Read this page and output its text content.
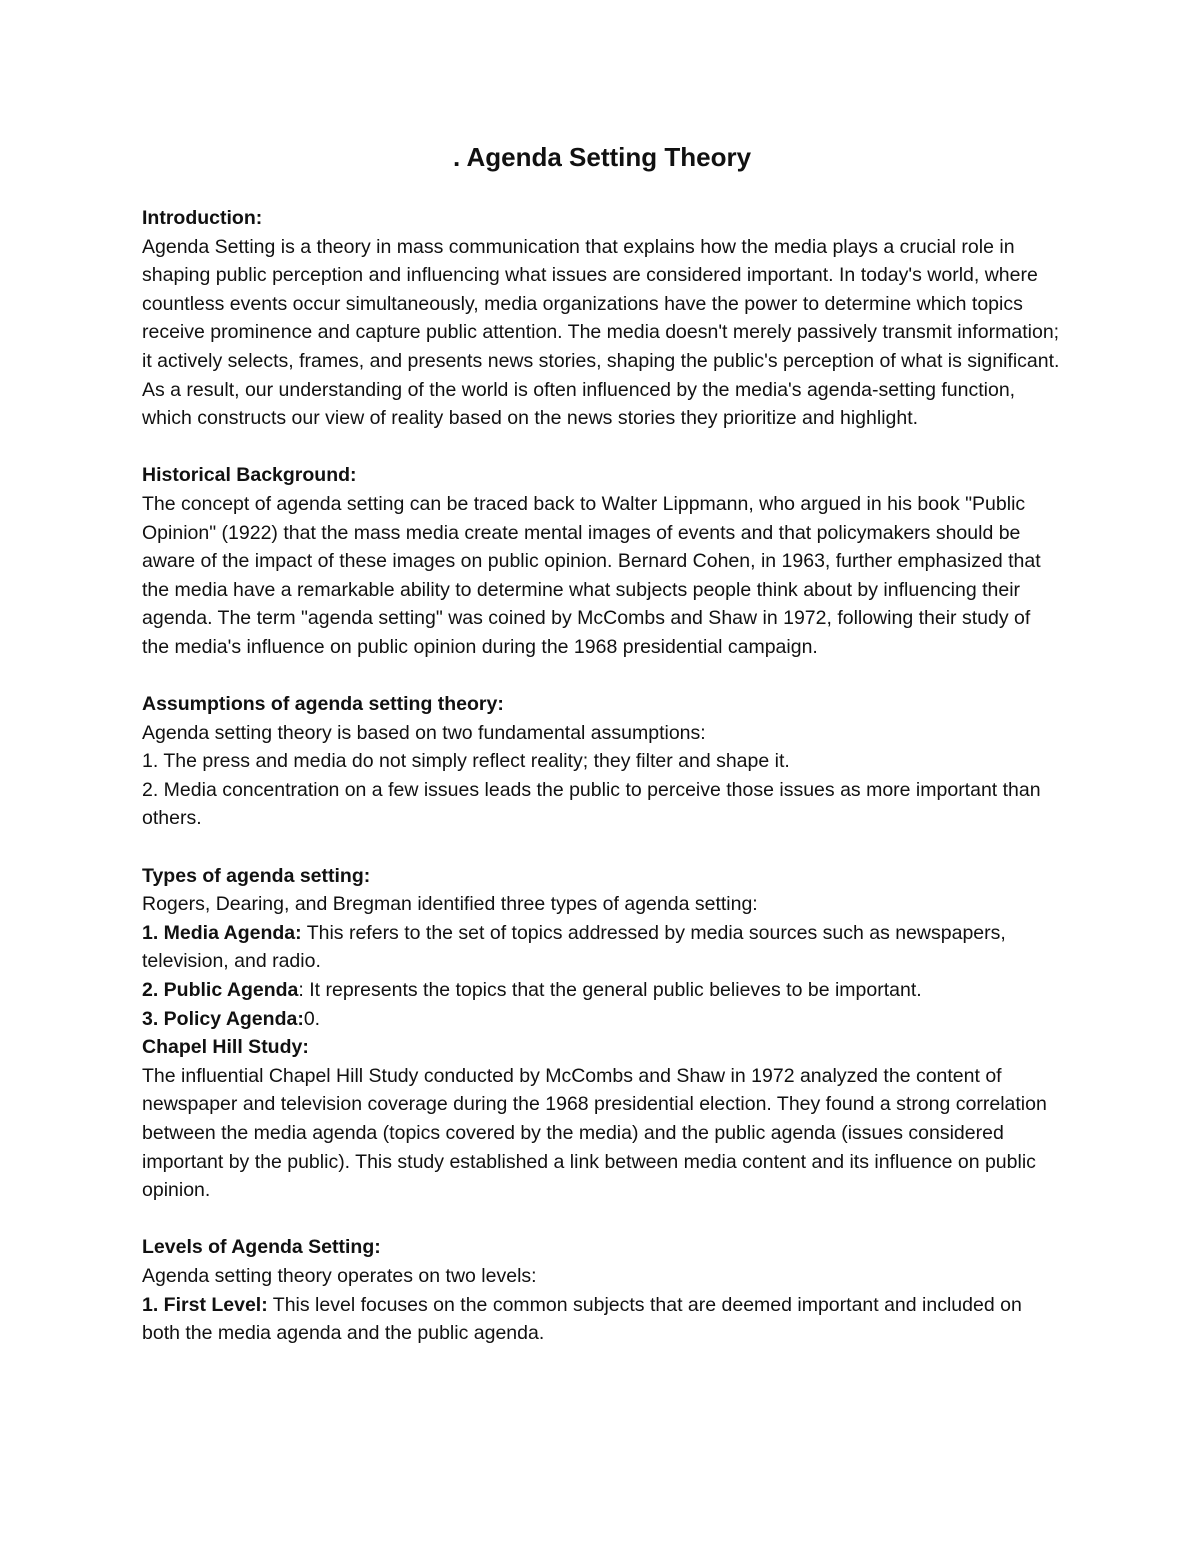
. Agenda Setting Theory

Introduction:

Agenda Setting is a theory in mass communication that explains how the media plays a crucial role in shaping public perception and influencing what issues are considered important. In today's world, where countless events occur simultaneously, media organizations have the power to determine which topics receive prominence and capture public attention. The media doesn't merely passively transmit information; it actively selects, frames, and presents news stories, shaping the public's perception of what is significant. As a result, our understanding of the world is often influenced by the media's agenda-setting function, which constructs our view of reality based on the news stories they prioritize and highlight.

Historical Background:

The concept of agenda setting can be traced back to Walter Lippmann, who argued in his book "Public Opinion" (1922) that the mass media create mental images of events and that policymakers should be aware of the impact of these images on public opinion. Bernard Cohen, in 1963, further emphasized that the media have a remarkable ability to determine what subjects people think about by influencing their agenda. The term "agenda setting" was coined by McCombs and Shaw in 1972, following their study of the media's influence on public opinion during the 1968 presidential campaign.

Assumptions of agenda setting theory:

Agenda setting theory is based on two fundamental assumptions:

1. The press and media do not simply reflect reality; they filter and shape it.

2. Media concentration on a few issues leads the public to perceive those issues as more important than others.

Types of agenda setting:

Rogers, Dearing, and Bregman identified three types of agenda setting:

1. Media Agenda: This refers to the set of topics addressed by media sources such as newspapers, television, and radio.

2. Public Agenda: It represents the topics that the general public believes to be important.

3. Policy Agenda:0.

Chapel Hill Study:

The influential Chapel Hill Study conducted by McCombs and Shaw in 1972 analyzed the content of newspaper and television coverage during the 1968 presidential election. They found a strong correlation between the media agenda (topics covered by the media) and the public agenda (issues considered important by the public). This study established a link between media content and its influence on public opinion.

Levels of Agenda Setting:

Agenda setting theory operates on two levels:

1. First Level: This level focuses on the common subjects that are deemed important and included on both the media agenda and the public agenda.
